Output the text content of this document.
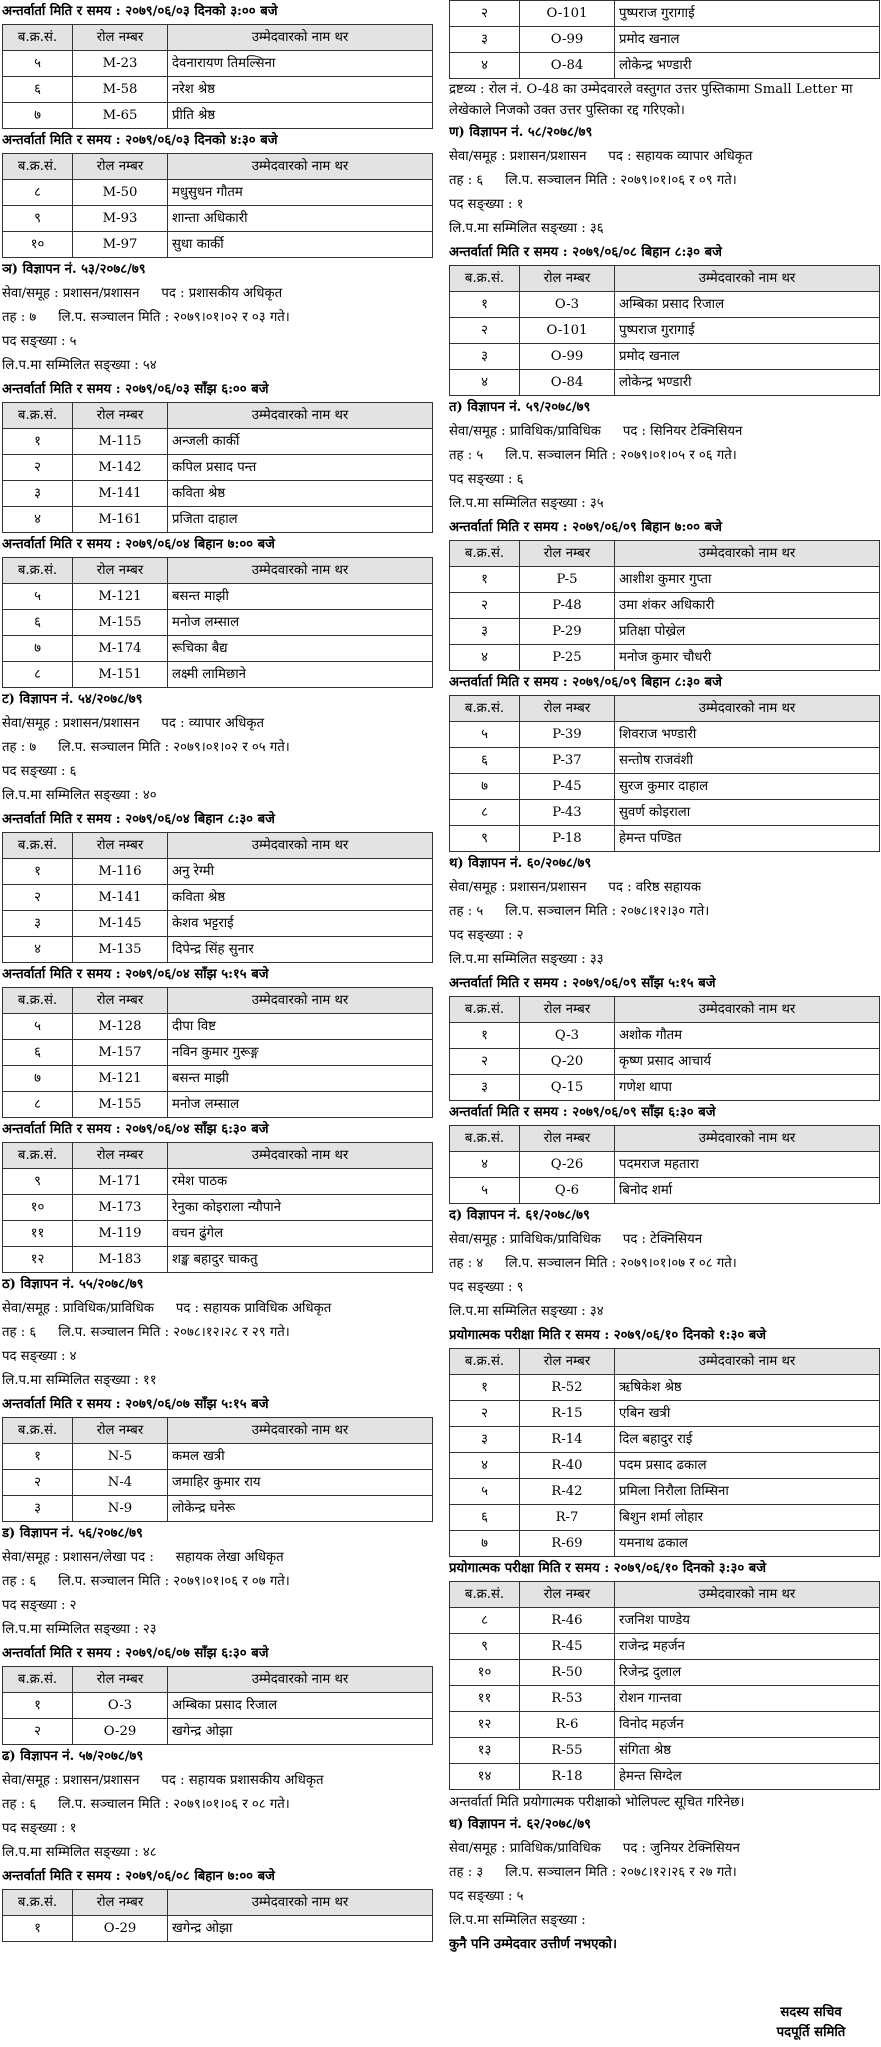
अन्तर्वार्ता मिति र समय : २०७९/०६/०३ दिनको ३:०० बजे
ब.क्र.सं.	रोल नम्बर	उम्मेदवारको नाम थर
५	M-23	देवनारायण तिमल्सिना
६	M-58	नरेश श्रेष्ठ
७	M-65	प्रीति श्रेष्ठ
अन्तर्वार्ता मिति र समय : २०७९/०६/०३ दिनको ४:३० बजे
ब.क्र.सं.	रोल नम्बर	उम्मेदवारको नाम थर
८	M-50	मधुसुधन गौतम
९	M-93	शान्ता अधिकारी
१०	M-97	सुधा कार्की
ञ) विज्ञापन नं. ५३/२०७८/७९
सेवा/समूह : प्रशासन/प्रशासन पद : प्रशासकीय अधिकृत
तह : ७ लि.प. सञ्चालन मिति : २०७९।०१।०२ र ०३ गते।
पद सङ्ख्या : ५
लि.प.मा सम्मिलित सङ्ख्या : ५४
अन्तर्वार्ता मिति र समय : २०७९/०६/०३ साँझ ६:०० बजे
ब.क्र.सं.	रोल नम्बर	उम्मेदवारको नाम थर
१	M-115	अन्जली कार्की
२	M-142	कपिल प्रसाद पन्त
३	M-141	कविता श्रेष्ठ
४	M-161	प्रजिता दाहाल
अन्तर्वार्ता मिति र समय : २०७९/०६/०४ बिहान ७:०० बजे
ब.क्र.सं.	रोल नम्बर	उम्मेदवारको नाम थर
५	M-121	बसन्त माझी
६	M-155	मनोज लम्साल
७	M-174	रूचिका बैद्य
८	M-151	लक्ष्मी लामिछाने
ट) विज्ञापन नं. ५४/२०७८/७९
सेवा/समूह : प्रशासन/प्रशासन पद : व्यापार अधिकृत
तह : ७ लि.प. सञ्चालन मिति : २०७९।०१।०२ र ०५ गते।
पद सङ्ख्या : ६
लि.प.मा सम्मिलित सङ्ख्या : ४०
अन्तर्वार्ता मिति र समय : २०७९/०६/०४ बिहान ८:३० बजे
ब.क्र.सं.	रोल नम्बर	उम्मेदवारको नाम थर
१	M-116	अनु रेग्मी
२	M-141	कविता श्रेष्ठ
३	M-145	केशव भट्टराई
४	M-135	दिपेन्द्र सिंह सुनार
अन्तर्वार्ता मिति र समय : २०७९/०६/०४ साँझ ५:१५ बजे
ब.क्र.सं.	रोल नम्बर	उम्मेदवारको नाम थर
५	M-128	दीपा विष्ट
६	M-157	नविन कुमार गुरूङ्ग
७	M-121	बसन्त माझी
८	M-155	मनोज लम्साल
अन्तर्वार्ता मिति र समय : २०७९/०६/०४ साँझ ६:३० बजे
ब.क्र.सं.	रोल नम्बर	उम्मेदवारको नाम थर
९	M-171	रमेश पाठक
१०	M-173	रेनुका कोइराला न्यौपाने
११	M-119	वचन ढुंगेल
१२	M-183	शङ्ख बहादुर चाकतु
ठ) विज्ञापन नं. ५५/२०७८/७९
सेवा/समूह : प्राविधिक/प्राविधिक पद : सहायक प्राविधिक अधिकृत
तह : ६ लि.प. सञ्चालन मिति : २०७८।१२।२८ र २९ गते।
पद सङ्ख्या : ४
लि.प.मा सम्मिलित सङ्ख्या : ११
अन्तर्वार्ता मिति र समय : २०७९/०६/०७ साँझ ५:१५ बजे
ब.क्र.सं.	रोल नम्बर	उम्मेदवारको नाम थर
१	N-5	कमल खत्री
२	N-4	जमाहिर कुमार राय
३	N-9	लोकेन्द्र घनेरू
ड) विज्ञापन नं. ५६/२०७८/७९
सेवा/समूह : प्रशासन/लेखा पद : सहायक लेखा अधिकृत
तह : ६ लि.प. सञ्चालन मिति : २०७९।०१।०६ र ०७ गते।
पद सङ्ख्या : २
लि.प.मा सम्मिलित सङ्ख्या : २३
अन्तर्वार्ता मिति र समय : २०७९/०६/०७ साँझ ६:३० बजे
ब.क्र.सं.	रोल नम्बर	उम्मेदवारको नाम थर
१	O-3	अम्बिका प्रसाद रिजाल
२	O-29	खगेन्द्र ओझा
ढ) विज्ञापन नं. ५७/२०७८/७९
सेवा/समूह : प्रशासन/प्रशासन पद : सहायक प्रशासकीय अधिकृत
तह : ६ लि.प. सञ्चालन मिति : २०७९।०१।०६ र ०८ गते।
पद सङ्ख्या : १
लि.प.मा सम्मिलित सङ्ख्या : ४८
अन्तर्वार्ता मिति र समय : २०७९/०६/०८ बिहान ७:०० बजे
ब.क्र.सं.	रोल नम्बर	उम्मेदवारको नाम थर
१	O-29	खगेन्द्र ओझा
२	O-101	पुष्पराज गुरागाई
३	O-99	प्रमोद खनाल
४	O-84	लोकेन्द्र भण्डारी
द्रष्टव्य : रोल नं. O-48 का उम्मेदवारले वस्तुगत उत्तर पुस्तिकामा Small Letter मा लेखेकाले निजको उक्त उत्तर पुस्तिका रद्द गरिएको।
ण) विज्ञापन नं. ५८/२०७८/७९
सेवा/समूह : प्रशासन/प्रशासन पद : सहायक व्यापार अधिकृत
तह : ६ लि.प. सञ्चालन मिति : २०७९।०१।०६ र ०९ गते।
पद सङ्ख्या : १
लि.प.मा सम्मिलित सङ्ख्या : ३६
अन्तर्वार्ता मिति र समय : २०७९/०६/०८ बिहान ८:३० बजे
ब.क्र.सं.	रोल नम्बर	उम्मेदवारको नाम थर
१	O-3	अम्बिका प्रसाद रिजाल
२	O-101	पुष्पराज गुरागाई
३	O-99	प्रमोद खनाल
४	O-84	लोकेन्द्र भण्डारी
त) विज्ञापन नं. ५९/२०७८/७९
सेवा/समूह : प्राविधिक/प्राविधिक पद : सिनियर टेक्निसियन
तह : ५ लि.प. सञ्चालन मिति : २०७९।०१।०५ र ०६ गते।
पद सङ्ख्या : ६
लि.प.मा सम्मिलित सङ्ख्या : ३५
अन्तर्वार्ता मिति र समय : २०७९/०६/०९ बिहान ७:०० बजे
ब.क्र.सं.	रोल नम्बर	उम्मेदवारको नाम थर
१	P-5	आशीश कुमार गुप्ता
२	P-48	उमा शंकर अधिकारी
३	P-29	प्रतिक्षा पोख्रेल
४	P-25	मनोज कुमार चौधरी
अन्तर्वार्ता मिति र समय : २०७९/०६/०९ बिहान ८:३० बजे
ब.क्र.सं.	रोल नम्बर	उम्मेदवारको नाम थर
५	P-39	शिवराज भण्डारी
६	P-37	सन्तोष राजवंशी
७	P-45	सुरज कुमार दाहाल
८	P-43	सुवर्ण कोइराला
९	P-18	हेमन्त पण्डित
थ) विज्ञापन नं. ६०/२०७८/७९
सेवा/समूह : प्रशासन/प्रशासन पद : वरिष्ठ सहायक
तह : ५ लि.प. सञ्चालन मिति : २०७८।१२।३० गते।
पद सङ्ख्या : २
लि.प.मा सम्मिलित सङ्ख्या : ३३
अन्तर्वार्ता मिति र समय : २०७९/०६/०९ साँझ ५:१५ बजे
ब.क्र.सं.	रोल नम्बर	उम्मेदवारको नाम थर
१	Q-3	अशोक गौतम
२	Q-20	कृष्ण प्रसाद आचार्य
३	Q-15	गणेश थापा
अन्तर्वार्ता मिति र समय : २०७९/०६/०९ साँझ ६:३० बजे
ब.क्र.सं.	रोल नम्बर	उम्मेदवारको नाम थर
४	Q-26	पदमराज महतारा
५	Q-6	बिनोद शर्मा
द) विज्ञापन नं. ६१/२०७८/७९
सेवा/समूह : प्राविधिक/प्राविधिक पद : टेक्निसियन
तह : ४ लि.प. सञ्चालन मिति : २०७९।०१।०७ र ०८ गते।
पद सङ्ख्या : ९
लि.प.मा सम्मिलित सङ्ख्या : ३४
प्रयोगात्मक परीक्षा मिति र समय : २०७९/०६/१० दिनको १:३० बजे
ब.क्र.सं.	रोल नम्बर	उम्मेदवारको नाम थर
१	R-52	ऋषिकेश श्रेष्ठ
२	R-15	एबिन खत्री
३	R-14	दिल बहादुर राई
४	R-40	पदम प्रसाद ढकाल
५	R-42	प्रमिला निरौला तिम्सिना
६	R-7	बिशुन शर्मा लोहार
७	R-69	यमनाथ ढकाल
प्रयोगात्मक परीक्षा मिति र समय : २०७९/०६/१० दिनको ३:३० बजे
ब.क्र.सं.	रोल नम्बर	उम्मेदवारको नाम थर
८	R-46	रजनिश पाण्डेय
९	R-45	राजेन्द्र महर्जन
१०	R-50	रिजेन्द्र दुलाल
११	R-53	रोशन गान्तवा
१२	R-6	विनोद महर्जन
१३	R-55	संगिता श्रेष्ठ
१४	R-18	हेमन्त सिग्देल
अन्तर्वार्ता मिति प्रयोगात्मक परीक्षाको भोलिपल्ट सूचित गरिनेछ।
ध) विज्ञापन नं. ६२/२०७८/७९
सेवा/समूह : प्राविधिक/प्राविधिक पद : जुनियर टेक्निसियन
तह : ३ लि.प. सञ्चालन मिति : २०७८।१२।२६ र २७ गते।
पद सङ्ख्या : ५
लि.प.मा सम्मिलित सङ्ख्या :
कुनै पनि उम्मेदवार उत्तीर्ण नभएको।
सदस्य सचिव
पदपूर्ति समिति
